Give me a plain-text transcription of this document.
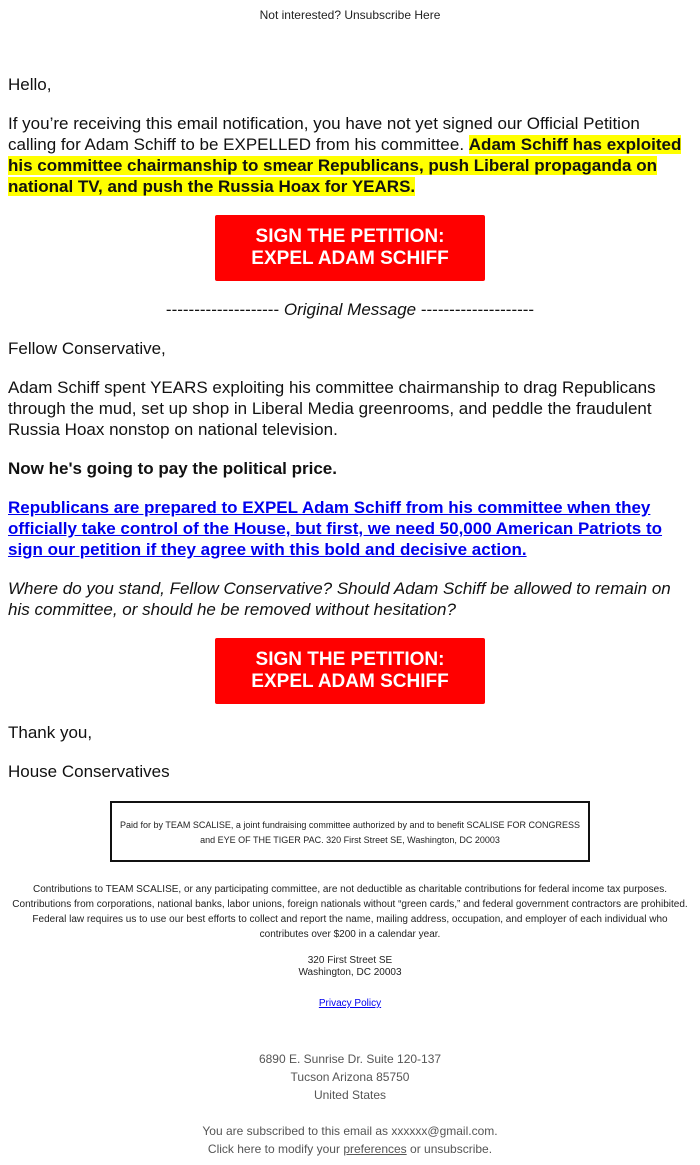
Not interested? Unsubscribe Here

Hello,

If you’re receiving this email notification, you have not yet signed our Official Petition calling for Adam Schiff to be EXPELLED from his committee. Adam Schiff has exploited his committee chairmanship to smear Republicans, push Liberal propaganda on national TV, and push the Russia Hoax for YEARS.

SIGN THE PETITION:
EXPEL ADAM SCHIFF
-------------------- Original Message --------------------

Fellow Conservative,

Adam Schiff spent YEARS exploiting his committee chairmanship to drag Republicans through the mud, set up shop in Liberal Media greenrooms, and peddle the fraudulent Russia Hoax nonstop on national television.

Now he's going to pay the political price.

Republicans are prepared to EXPEL Adam Schiff from his committee when they officially take control of the House, but first, we need 50,000 American Patriots to sign our petition if they agree with this bold and decisive action.

Where do you stand, Fellow Conservative? Should Adam Schiff be allowed to remain on his committee, or should he be removed without hesitation?

SIGN THE PETITION:
EXPEL ADAM SCHIFF

Thank you,

House Conservatives

Paid for by TEAM SCALISE, a joint fundraising committee authorized by and to benefit SCALISE FOR CONGRESS and EYE OF THE TIGER PAC. 320 First Street SE, Washington, DC 20003
Contributions to TEAM SCALISE, or any participating committee, are not deductible as charitable contributions for federal income tax purposes. Contributions from corporations, national banks, labor unions, foreign nationals without “green cards,” and federal government contractors are prohibited. Federal law requires us to use our best efforts to collect and report the name, mailing address, occupation, and employer of each individual who contributes over $200 in a calendar year.
320 First Street SE
Washington, DC 20003
Privacy Policy
6890 E. Sunrise Dr. Suite 120-137
Tucson Arizona 85750
United States
You are subscribed to this email as xxxxxx@gmail.com.
Click here to modify your preferences or unsubscribe.
